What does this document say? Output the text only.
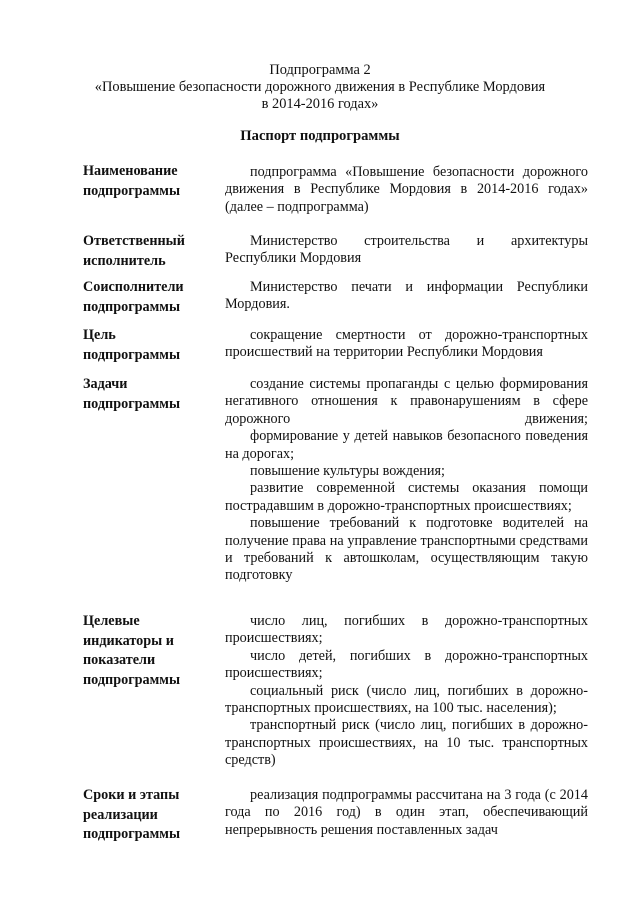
Подпрограмма 2
«Повышение безопасности дорожного движения в Республике Мордовия
в 2014-2016 годах»
Паспорт подпрограммы
Наименование
подпрограммы

подпрограмма «Повышение безопасности дорожного движения в Республике Мордовия в 2014-2016 годах» (далее – подпрограмма)

Ответственный
исполнитель

Министерство строительства и архитектуры Республики Мордовия

Соисполнители
подпрограммы

Министерство печати и информации Республики Мордовия.

Цель
подпрограммы

сокращение смертности от дорожно-транспортных происшествий на территории Республики Мордовия

Задачи
подпрограммы

создание системы пропаганды с целью формирования негативного отношения к правонарушениям в сфере дорожного движения;

формирование у детей навыков безопасного поведения на дорогах;

повышение культуры вождения;

развитие современной системы оказания помощи пострадавшим в дорожно-транспортных происшествиях;

повышение требований к подготовке водителей на получение права на управление транспортными средствами и требований к автошколам, осуществляющим такую подготовку

Целевые
индикаторы и
показатели
подпрограммы

число лиц, погибших в дорожно-транспортных происшествиях;

число детей, погибших в дорожно-транспортных происшествиях;

социальный риск (число лиц, погибших в дорожно-транспортных происшествиях, на 100 тыс. населения);

транспортный риск (число лиц, погибших в дорожно-транспортных происшествиях, на 10 тыс. транспортных средств)

Сроки и этапы
реализации
подпрограммы

реализация подпрограммы рассчитана на 3 года (с 2014 года по 2016 год) в один этап, обеспечивающий непрерывность решения поставленных задач
